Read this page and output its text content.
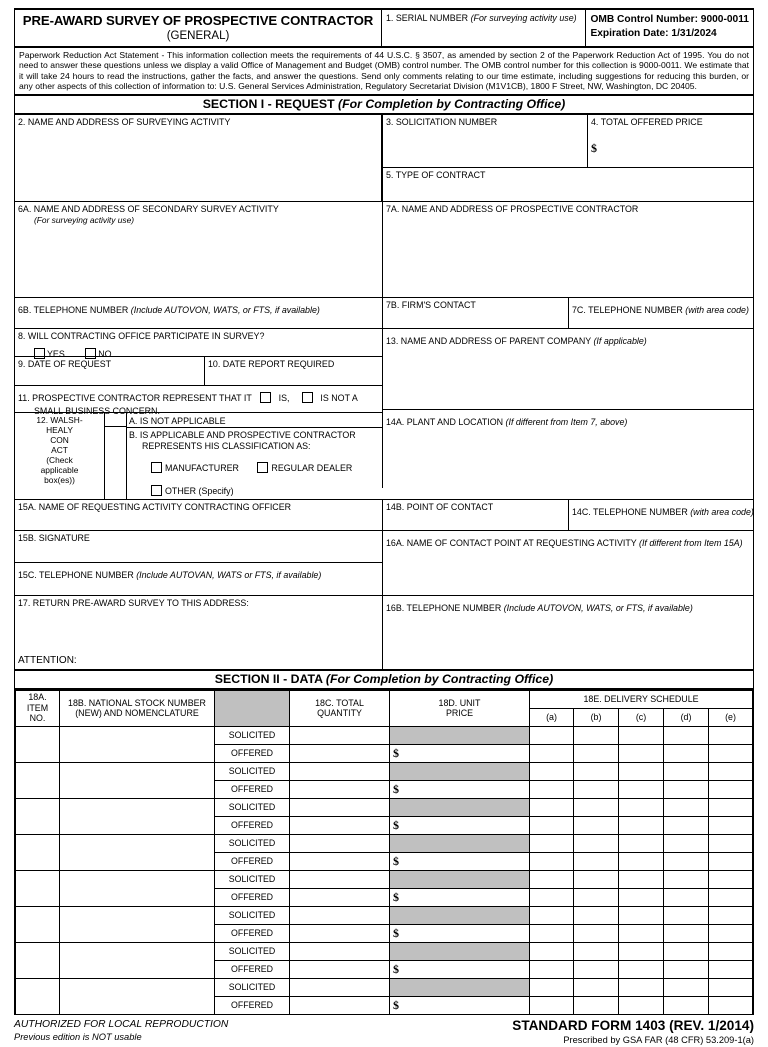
PRE-AWARD SURVEY OF PROSPECTIVE CONTRACTOR
(GENERAL)
1. SERIAL NUMBER (For surveying activity use)	OMB Control Number: 9000-0011
Expiration Date: 1/31/2024
Paperwork Reduction Act Statement - This information collection meets the requirements of 44 U.S.C. § 3507, as amended by section 2 of the Paperwork Reduction Act of 1995. You do not need to answer these questions unless we display a valid Office of Management and Budget (OMB) control number. The OMB control number for this collection is 9000-0011. We estimate that it will take 24 hours to read the instructions, gather the facts, and answer the questions. Send only comments relating to our time estimate, including suggestions for reducing this burden, or any other aspects of this collection of information to: U.S. General Services Administration, Regulatory Secretariat Division (M1V1CB), 1800 F Street, NW, Washington, DC 20405.
SECTION I - REQUEST (For Completion by Contracting Office)
2. NAME AND ADDRESS OF SURVEYING ACTIVITY	3. SOLICITATION NUMBER	4. TOTAL OFFERED PRICE
$
5. TYPE OF CONTRACT
6A. NAME AND ADDRESS OF SECONDARY SURVEY ACTIVITY
(For surveying activity use)
7A. NAME AND ADDRESS OF PROSPECTIVE CONTRACTOR
6B. TELEPHONE NUMBER (Include AUTOVON, WATS, or FTS, if available)	7B. FIRM'S CONTACT	7C. TELEPHONE NUMBER (with area code)
8. WILL CONTRACTING OFFICE PARTICIPATE IN SURVEY?
YES	NO
9. DATE OF REQUEST	10. DATE REPORT REQUIRED
11. PROSPECTIVE CONTRACTOR REPRESENT THAT IT	IS,	IS NOT A
SMALL BUSINESS CONCERN.
12. WALSH-
HEALY
CON
ACT
(Check
applicable
box(es))
A. IS NOT APPLICABLE
B. IS APPLICABLE AND PROSPECTIVE CONTRACTOR
REPRESENTS HIS CLASSIFICATION AS:
MANUFACTURER	REGULAR DEALER
OTHER (Specify)
13. NAME AND ADDRESS OF PARENT COMPANY (If applicable)
14A. PLANT AND LOCATION (If different from Item 7, above)
15A. NAME OF REQUESTING ACTIVITY CONTRACTING OFFICER	14B. POINT OF CONTACT	14C. TELEPHONE NUMBER (with area code)
15B. SIGNATURE
15C. TELEPHONE NUMBER (Include AUTOVAN, WATS or FTS, if available)
16A. NAME OF CONTACT POINT AT REQUESTING ACTIVITY (If different from Item 15A)
17. RETURN PRE-AWARD SURVEY TO THIS ADDRESS:
ATTENTION:
16B. TELEPHONE NUMBER (Include AUTOVON, WATS, or FTS, if available)
SECTION II - DATA (For Completion by Contracting Office)
18A.
ITEM
NO.

18B. NATIONAL STOCK NUMBER
(NEW) AND NOMENCLATURE

18C. TOTAL
QUANTITY

18D. UNIT
PRICE
	18E. DELIVERY SCHEDULE
					(a)	(b)	(c)	(d)	(e)
		SOLICITED							
		OFFERED		$					
		SOLICITED							
		OFFERED		$					
		SOLICITED							
		OFFERED		$					
		SOLICITED							
		OFFERED		$					
		SOLICITED							
		OFFERED		$					
		SOLICITED							
		OFFERED		$					
		SOLICITED							
		OFFERED		$					
		SOLICITED							
		OFFERED		$					
AUTHORIZED FOR LOCAL REPRODUCTION
Previous edition is NOT usable
STANDARD FORM 1403 (REV. 1/2014)
Prescribed by GSA FAR (48 CFR) 53.209-1(a)
